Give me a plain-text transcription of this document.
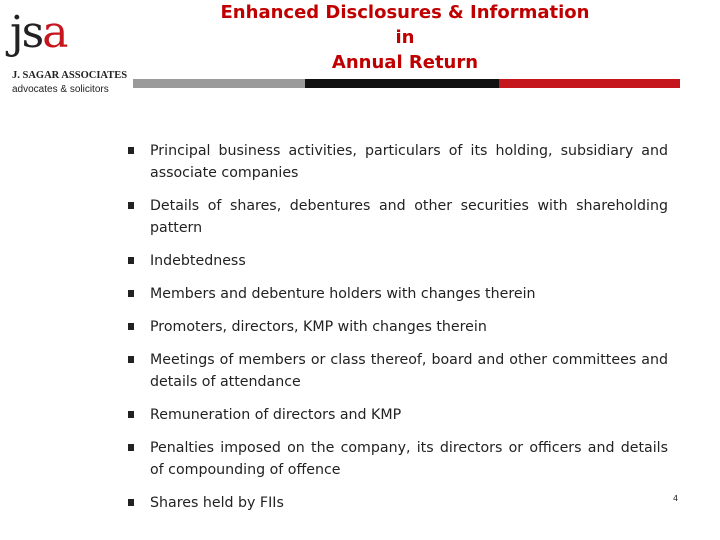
jsa
J. SAGAR ASSOCIATES
advocates & solicitors
Enhanced Disclosures & Information
in
Annual Return
Principal business activities, particulars of its holding, subsidiary and associate companies
Details of shares, debentures and other securities with shareholding pattern
Indebtedness
Members and debenture holders with changes therein
Promoters, directors, KMP with changes therein
Meetings of members or class thereof, board and other committees and details of attendance
Remuneration of directors and KMP
Penalties imposed on the company, its directors or officers and details of compounding of offence
Shares held by FIIs	4
